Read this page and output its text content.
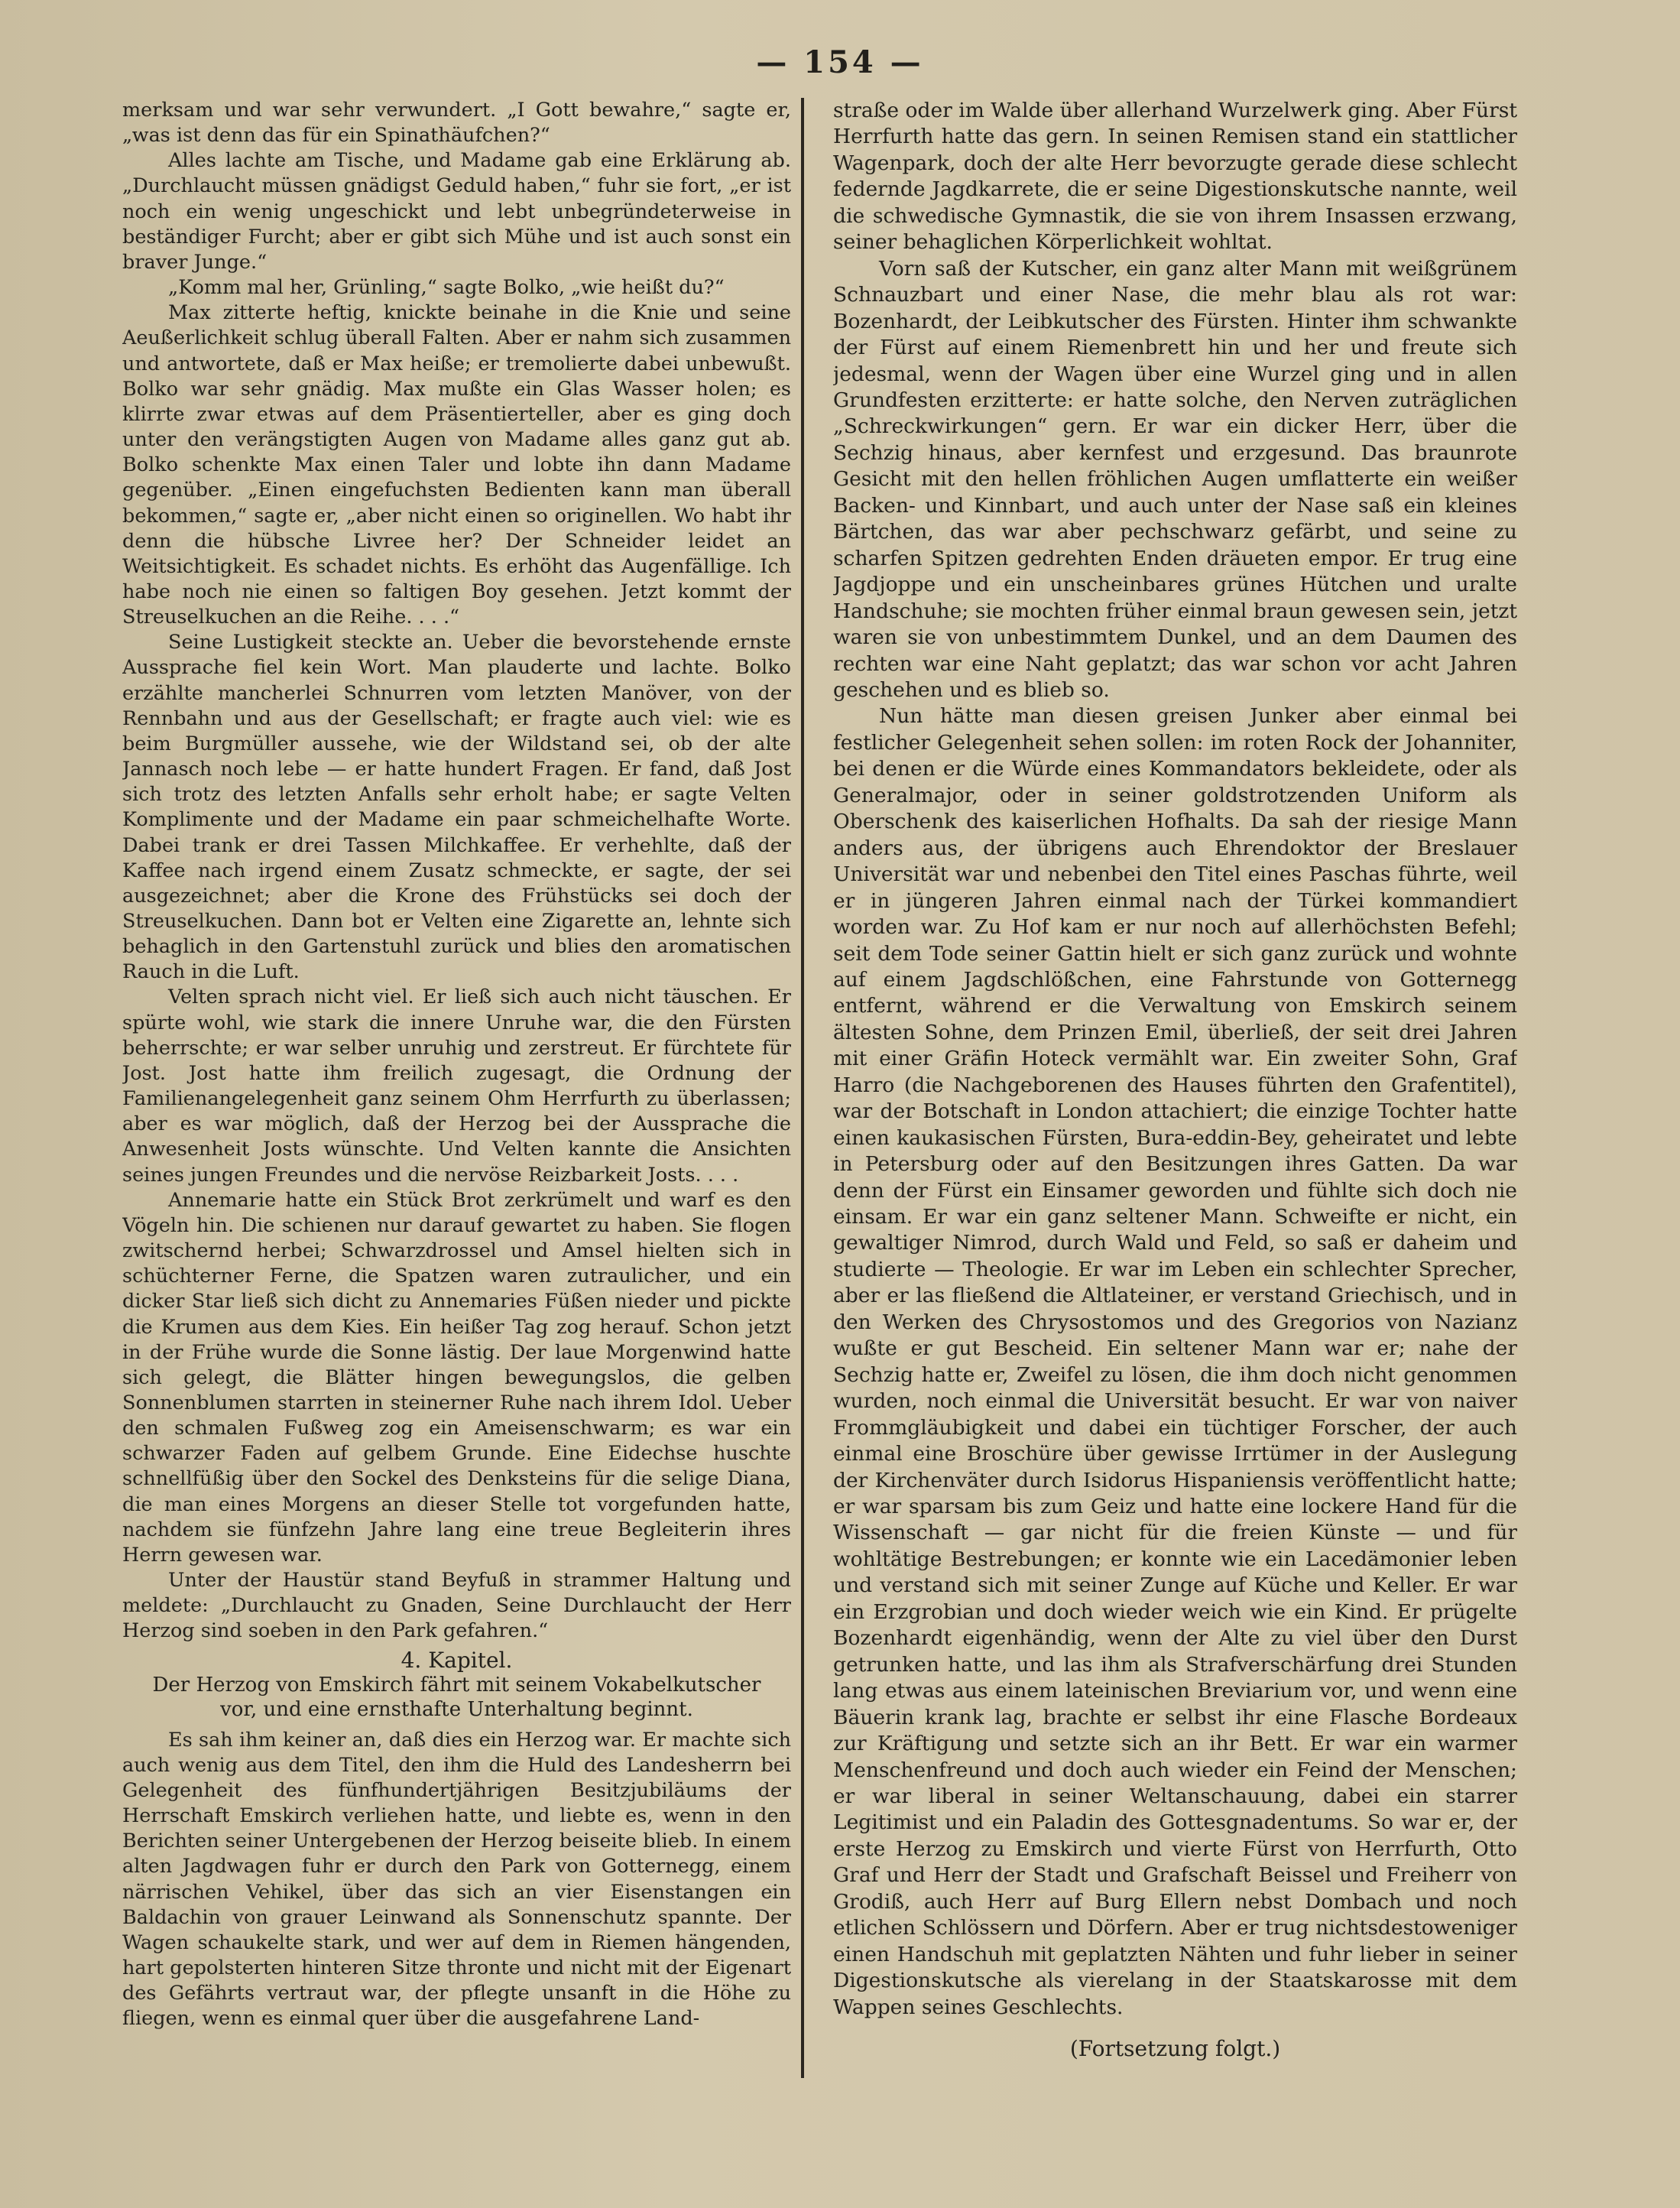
— 154 —

merksam und war sehr verwundert. „I Gott bewahre,“ sagte er, „was ist denn das für ein Spinathäufchen?“

Alles lachte am Tische, und Madame gab eine Erklärung ab. „Durchlaucht müssen gnädigst Geduld haben,“ fuhr sie fort, „er ist noch ein wenig ungeschickt und lebt unbegründeterweise in beständiger Furcht; aber er gibt sich Mühe und ist auch sonst ein braver Junge.“

„Komm mal her, Grünling,“ sagte Bolko, „wie heißt du?“

Max zitterte heftig, knickte beinahe in die Knie und seine Aeußerlichkeit schlug überall Falten. Aber er nahm sich zusammen und antwortete, daß er Max heiße; er tremolierte dabei unbewußt. Bolko war sehr gnädig. Max mußte ein Glas Wasser holen; es klirrte zwar etwas auf dem Präsentierteller, aber es ging doch unter den verängstigten Augen von Madame alles ganz gut ab. Bolko schenkte Max einen Taler und lobte ihn dann Madame gegenüber. „Einen eingefuchsten Bedienten kann man überall bekommen,“ sagte er, „aber nicht einen so originellen. Wo habt ihr denn die hübsche Livree her? Der Schneider leidet an Weitsichtigkeit. Es schadet nichts. Es erhöht das Augenfällige. Ich habe noch nie einen so faltigen Boy gesehen. Jetzt kommt der Streuselkuchen an die Reihe. . . .“

Seine Lustigkeit steckte an. Ueber die bevorstehende ernste Aussprache fiel kein Wort. Man plauderte und lachte. Bolko erzählte mancherlei Schnurren vom letzten Manöver, von der Rennbahn und aus der Gesellschaft; er fragte auch viel: wie es beim Burgmüller aussehe, wie der Wildstand sei, ob der alte Jannasch noch lebe — er hatte hundert Fragen. Er fand, daß Jost sich trotz des letzten Anfalls sehr erholt habe; er sagte Velten Komplimente und der Madame ein paar schmeichelhafte Worte. Dabei trank er drei Tassen Milchkaffee. Er verhehlte, daß der Kaffee nach irgend einem Zusatz schmeckte, er sagte, der sei ausgezeichnet; aber die Krone des Frühstücks sei doch der Streuselkuchen. Dann bot er Velten eine Zigarette an, lehnte sich behaglich in den Gartenstuhl zurück und blies den aromatischen Rauch in die Luft.

Velten sprach nicht viel. Er ließ sich auch nicht täuschen. Er spürte wohl, wie stark die innere Unruhe war, die den Fürsten beherrschte; er war selber unruhig und zerstreut. Er fürchtete für Jost. Jost hatte ihm freilich zugesagt, die Ordnung der Familienangelegenheit ganz seinem Ohm Herrfurth zu überlassen; aber es war möglich, daß der Herzog bei der Aussprache die Anwesenheit Josts wünschte. Und Velten kannte die Ansichten seines jungen Freundes und die nervöse Reizbarkeit Josts. . . .

Annemarie hatte ein Stück Brot zerkrümelt und warf es den Vögeln hin. Die schienen nur darauf gewartet zu haben. Sie flogen zwitschernd herbei; Schwarzdrossel und Amsel hielten sich in schüchterner Ferne, die Spatzen waren zutraulicher, und ein dicker Star ließ sich dicht zu Annemaries Füßen nieder und pickte die Krumen aus dem Kies. Ein heißer Tag zog herauf. Schon jetzt in der Frühe wurde die Sonne lästig. Der laue Morgenwind hatte sich gelegt, die Blätter hingen bewegungslos, die gelben Sonnenblumen starrten in steinerner Ruhe nach ihrem Idol. Ueber den schmalen Fußweg zog ein Ameisenschwarm; es war ein schwarzer Faden auf gelbem Grunde. Eine Eidechse huschte schnellfüßig über den Sockel des Denksteins für die selige Diana, die man eines Morgens an dieser Stelle tot vorgefunden hatte, nachdem sie fünfzehn Jahre lang eine treue Begleiterin ihres Herrn gewesen war.

Unter der Haustür stand Beyfuß in strammer Haltung und meldete: „Durchlaucht zu Gnaden, Seine Durchlaucht der Herr Herzog sind soeben in den Park gefahren.“

4. Kapitel.
Der Herzog von Emskirch fährt mit seinem Vokabelkutscher vor, und eine ernsthafte Unterhaltung beginnt.

Es sah ihm keiner an, daß dies ein Herzog war. Er machte sich auch wenig aus dem Titel, den ihm die Huld des Landesherrn bei Gelegenheit des fünfhundertjährigen Besitzjubiläums der Herrschaft Emskirch verliehen hatte, und liebte es, wenn in den Berichten seiner Untergebenen der Herzog beiseite blieb. In einem alten Jagdwagen fuhr er durch den Park von Gotternegg, einem närrischen Vehikel, über das sich an vier Eisenstangen ein Baldachin von grauer Leinwand als Sonnenschutz spannte. Der Wagen schaukelte stark, und wer auf dem in Riemen hängenden, hart gepolsterten hinteren Sitze thronte und nicht mit der Eigenart des Gefährts vertraut war, der pflegte unsanft in die Höhe zu fliegen, wenn es einmal quer über die ausgefahrene Land-

straße oder im Walde über allerhand Wurzelwerk ging. Aber Fürst Herrfurth hatte das gern. In seinen Remisen stand ein stattlicher Wagenpark, doch der alte Herr bevorzugte gerade diese schlecht federnde Jagdkarrete, die er seine Digestionskutsche nannte, weil die schwedische Gymnastik, die sie von ihrem Insassen erzwang, seiner behaglichen Körperlichkeit wohltat.

Vorn saß der Kutscher, ein ganz alter Mann mit weißgrünem Schnauzbart und einer Nase, die mehr blau als rot war: Bozenhardt, der Leibkutscher des Fürsten. Hinter ihm schwankte der Fürst auf einem Riemenbrett hin und her und freute sich jedesmal, wenn der Wagen über eine Wurzel ging und in allen Grundfesten erzitterte: er hatte solche, den Nerven zuträglichen „Schreckwirkungen“ gern. Er war ein dicker Herr, über die Sechzig hinaus, aber kernfest und erzgesund. Das braunrote Gesicht mit den hellen fröhlichen Augen umflatterte ein weißer Backen- und Kinnbart, und auch unter der Nase saß ein kleines Bärtchen, das war aber pechschwarz gefärbt, und seine zu scharfen Spitzen gedrehten Enden dräueten empor. Er trug eine Jagdjoppe und ein unscheinbares grünes Hütchen und uralte Handschuhe; sie mochten früher einmal braun gewesen sein, jetzt waren sie von unbestimmtem Dunkel, und an dem Daumen des rechten war eine Naht geplatzt; das war schon vor acht Jahren geschehen und es blieb so.

Nun hätte man diesen greisen Junker aber einmal bei festlicher Gelegenheit sehen sollen: im roten Rock der Johanniter, bei denen er die Würde eines Kommandators bekleidete, oder als Generalmajor, oder in seiner goldstrotzenden Uniform als Oberschenk des kaiserlichen Hofhalts. Da sah der riesige Mann anders aus, der übrigens auch Ehrendoktor der Breslauer Universität war und nebenbei den Titel eines Paschas führte, weil er in jüngeren Jahren einmal nach der Türkei kommandiert worden war. Zu Hof kam er nur noch auf allerhöchsten Befehl; seit dem Tode seiner Gattin hielt er sich ganz zurück und wohnte auf einem Jagdschlößchen, eine Fahrstunde von Gotternegg entfernt, während er die Verwaltung von Emskirch seinem ältesten Sohne, dem Prinzen Emil, überließ, der seit drei Jahren mit einer Gräfin Hoteck vermählt war. Ein zweiter Sohn, Graf Harro (die Nachgeborenen des Hauses führten den Grafentitel), war der Botschaft in London attachiert; die einzige Tochter hatte einen kaukasischen Fürsten, Bura-eddin-Bey, geheiratet und lebte in Petersburg oder auf den Besitzungen ihres Gatten. Da war denn der Fürst ein Einsamer geworden und fühlte sich doch nie einsam. Er war ein ganz seltener Mann. Schweifte er nicht, ein gewaltiger Nimrod, durch Wald und Feld, so saß er daheim und studierte — Theologie. Er war im Leben ein schlechter Sprecher, aber er las fließend die Altlateiner, er verstand Griechisch, und in den Werken des Chrysostomos und des Gregorios von Nazianz wußte er gut Bescheid. Ein seltener Mann war er; nahe der Sechzig hatte er, Zweifel zu lösen, die ihm doch nicht genommen wurden, noch einmal die Universität besucht. Er war von naiver Frommgläubigkeit und dabei ein tüchtiger Forscher, der auch einmal eine Broschüre über gewisse Irrtümer in der Auslegung der Kirchenväter durch Isidorus Hispaniensis veröffentlicht hatte; er war sparsam bis zum Geiz und hatte eine lockere Hand für die Wissenschaft — gar nicht für die freien Künste — und für wohltätige Bestrebungen; er konnte wie ein Lacedämonier leben und verstand sich mit seiner Zunge auf Küche und Keller. Er war ein Erzgrobian und doch wieder weich wie ein Kind. Er prügelte Bozenhardt eigenhändig, wenn der Alte zu viel über den Durst getrunken hatte, und las ihm als Strafverschärfung drei Stunden lang etwas aus einem lateinischen Breviarium vor, und wenn eine Bäuerin krank lag, brachte er selbst ihr eine Flasche Bordeaux zur Kräftigung und setzte sich an ihr Bett. Er war ein warmer Menschenfreund und doch auch wieder ein Feind der Menschen; er war liberal in seiner Weltanschauung, dabei ein starrer Legitimist und ein Paladin des Gottesgnadentums. So war er, der erste Herzog zu Emskirch und vierte Fürst von Herrfurth, Otto Graf und Herr der Stadt und Grafschaft Beissel und Freiherr von Grodiß, auch Herr auf Burg Ellern nebst Dombach und noch etlichen Schlössern und Dörfern. Aber er trug nichtsdestoweniger einen Handschuh mit geplatzten Nähten und fuhr lieber in seiner Digestionskutsche als vierelang in der Staatskarosse mit dem Wappen seines Geschlechts.

(Fortsetzung folgt.)
